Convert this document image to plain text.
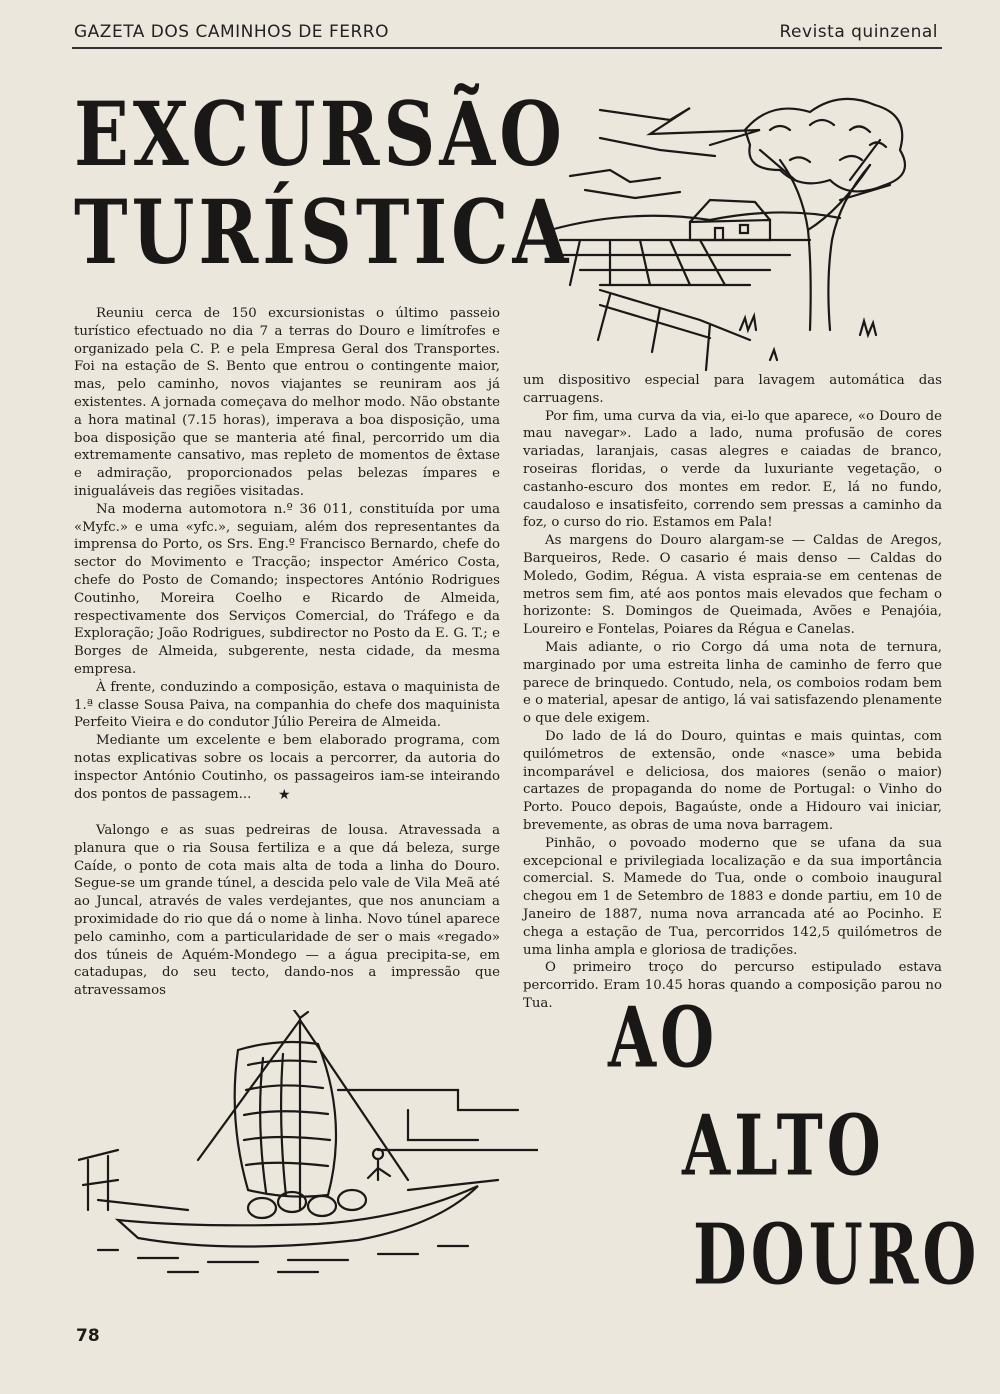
GAZETA DOS CAMINHOS DE FERRO	Revista quinzenal
EXCURSÃO
TURÍSTICA

Reuniu cerca de 150 excursionistas o último passeio turístico efectuado no dia 7 a terras do Douro e limítrofes e organizado pela C. P. e pela Empresa Geral dos Transportes. Foi na estação de S. Bento que entrou o contingente maior, mas, pelo caminho, novos viajantes se reuniram aos já existentes. A jornada começava do melhor modo. Não obstante a hora matinal (7.15 horas), imperava a boa disposição, uma boa disposição que se manteria até final, percorrido um dia extremamente cansativo, mas repleto de momentos de êxtase e admiração, proporcionados pelas belezas ímpares e inigualáveis das regiões visitadas.

Na moderna automotora n.º 36 011, constituída por uma «Myfc.» e uma «yfc.», seguiam, além dos representantes da imprensa do Porto, os Srs. Eng.º Francisco Bernardo, chefe do sector do Movimento e Tracção; inspector Américo Costa, chefe do Posto de Comando; inspectores António Rodrigues Coutinho, Moreira Coelho e Ricardo de Almeida, respectivamente dos Serviços Comercial, do Tráfego e da Exploração; João Rodrigues, subdirector no Posto da E. G. T.; e Borges de Almeida, subgerente, nesta cidade, da mesma empresa.

À frente, conduzindo a composição, estava o maquinista de 1.ª classe Sousa Paiva, na companhia do chefe dos maquinista Perfeito Vieira e do condutor Júlio Pereira de Almeida.

Mediante um excelente e bem elaborado programa, com notas explicativas sobre os locais a percorrer, da autoria do inspector António Coutinho, os passageiros iam-se inteirando dos pontos de passagem...	★

Valongo e as suas pedreiras de lousa. Atravessada a planura que o ria Sousa fertiliza e a que dá beleza, surge Caíde, o ponto de cota mais alta de toda a linha do Douro. Segue-se um grande túnel, a descida pelo vale de Vila Meã até ao Juncal, através de vales verdejantes, que nos anunciam a proximidade do rio que dá o nome à linha. Novo túnel aparece pelo caminho, com a particularidade de ser o mais «regado» dos túneis de Aquém-Mondego — a água precipita-se, em catadupas, do seu tecto, dando-nos a impressão que atravessamos

um dispositivo especial para lavagem automática das carruagens.

Por fim, uma curva da via, ei-lo que aparece, «o Douro de mau navegar». Lado a lado, numa profusão de cores variadas, laranjais, casas alegres e caiadas de branco, roseiras floridas, o verde da luxuriante vegetação, o castanho-escuro dos montes em redor. E, lá no fundo, caudaloso e insatisfeito, correndo sem pressas a caminho da foz, o curso do rio. Estamos em Pala!

As margens do Douro alargam-se — Caldas de Aregos, Barqueiros, Rede. O casario é mais denso — Caldas do Moledo, Godim, Régua. A vista espraia-se em centenas de metros sem fim, até aos pontos mais elevados que fecham o horizonte: S. Domingos de Queimada, Avões e Penajóia, Loureiro e Fontelas, Poiares da Régua e Canelas.

Mais adiante, o rio Corgo dá uma nota de ternura, marginado por uma estreita linha de caminho de ferro que parece de brinquedo. Contudo, nela, os comboios rodam bem e o material, apesar de antigo, lá vai satisfazendo plenamente o que dele exigem.

Do lado de lá do Douro, quintas e mais quintas, com quilómetros de extensão, onde «nasce» uma bebida incomparável e deliciosa, dos maiores (senão o maior) cartazes de propaganda do nome de Portugal: o Vinho do Porto. Pouco depois, Bagaúste, onde a Hidouro vai iniciar, brevemente, as obras de uma nova barragem.

Pinhão, o povoado moderno que se ufana da sua excepcional e privilegiada localização e da sua importância comercial. S. Mamede do Tua, onde o comboio inaugural chegou em 1 de Setembro de 1883 e donde partiu, em 10 de Janeiro de 1887, numa nova arrancada até ao Pocinho. E chega a estação de Tua, percorridos 142,5 quilómetros de uma linha ampla e gloriosa de tradições.

O primeiro troço do percurso estipulado estava percorrido. Eram 10.45 horas quando a composição parou no Tua. AO
ALTO
DOURO
78
